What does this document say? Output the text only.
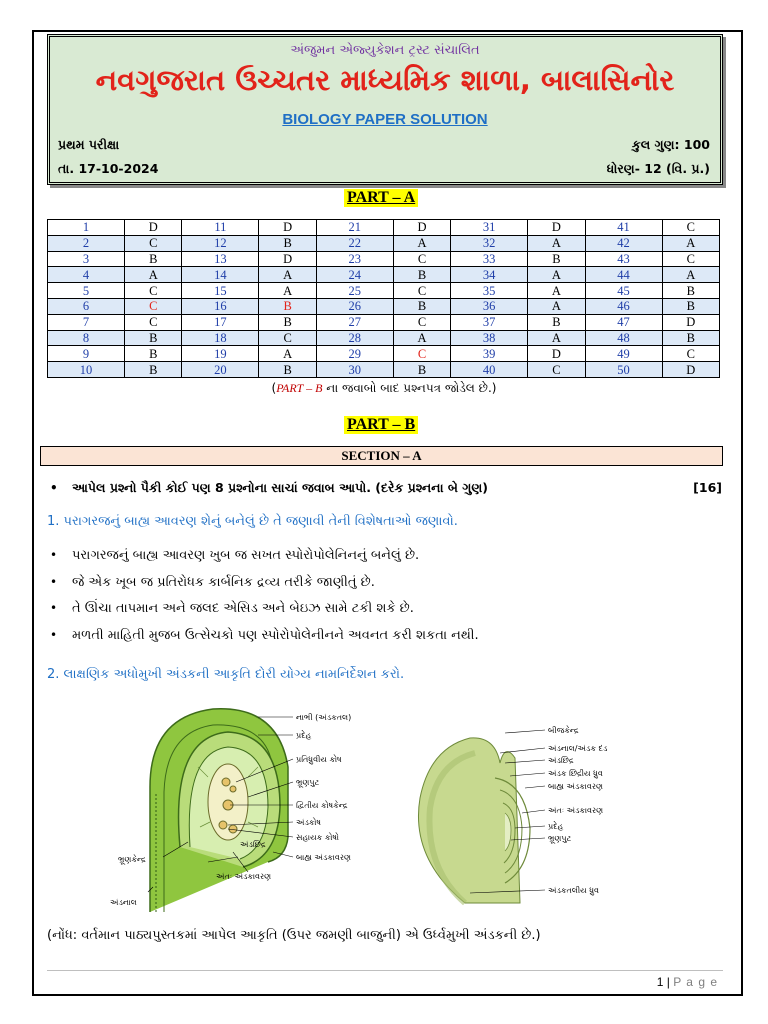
અંજુમન એજ્યુકેશન ટ્રસ્ટ સંચાલિત
નવગુજરાત ઉચ્ચતર માધ્યમિક શાળા, બાલાસિનોર
BIOLOGY PAPER SOLUTION
પ્રથમ પરીક્ષા	કુલ ગુણ: 100
તા. 17-10-2024	ધોરણ- 12 (વિ. પ્ર.)
PART – A
1	D	11	D	21	D	31	D	41	C
2	C	12	B	22	A	32	A	42	A
3	B	13	D	23	C	33	B	43	C
4	A	14	A	24	B	34	A	44	A
5	C	15	A	25	C	35	A	45	B
6	C	16	B	26	B	36	A	46	B
7	C	17	B	27	C	37	B	47	D
8	B	18	C	28	A	38	A	48	B
9	B	19	A	29	C	39	D	49	C
10	B	20	B	30	B	40	C	50	D
(PART – B ના જવાબો બાદ પ્રશ્નપત્ર જોડેલ છે.)
PART – B
SECTION – A
• આપેલ પ્રશ્નો પૈકી કોઈ પણ 8 પ્રશ્નોના સાચાં જવાબ આપો. (દરેક પ્રશ્નના બે ગુણ)	[16]
1. પરાગરજનું બાહ્ય આવરણ શેનું બનેલું છે તે જણાવી તેની વિશેષતાઓ જણાવો.
• પરાગરજનું બાહ્ય આવરણ ખુબ જ સખત સ્પોરોપોલેનિનનું બનેલું છે.
• જે એક ખૂબ જ પ્રતિરોધક કાર્બનિક દ્રવ્ય તરીકે જાણીતું છે.
• તે ઊંચા તાપમાન અને જલદ એસિડ અને બેઇઝ સામે ટકી શકે છે.
• મળતી માહિતી મુજબ ઉત્સેચકો પણ સ્પોરોપોલેનીનને અવનત કરી શકતા નથી.
2. લાક્ષણિક અધોમુખી અંડકની આકૃતિ દોરી યોગ્ય નામનિર્દેશન કરો.
નાભી (અંડકતલ)
પ્રદેહ
પ્રતિધ્રુવીય કોષ
ભ્રૂણપુટ
દ્વિતીય કોષકેન્દ્ર
અંડકોષ
સહાયક કોષો
બાહ્ય અંડકાવરણ
અંડછિદ્ર
ભ્રૂણકેન્દ્ર
અંતઃ અંડકાવરણ
અંડનાલ
બીજકેન્દ્ર
અંડનાલ/અંડક દંડ
અંડછિદ્ર
અંડક છિદ્રીય ધ્રુવ
બાહ્ય અંડકાવરણ
અંતઃ અંડકાવરણ
પ્રદેહ
ભ્રૂણપુટ
અંડકતલીય ધ્રુવ
(નોંધ: વર્તમાન પાઠ્યપુસ્તકમાં આપેલ આકૃતિ (ઉપર જમણી બાજુની) એ ઉર્ધ્વમુખી અંડકની છે.)
1 | P a g e
